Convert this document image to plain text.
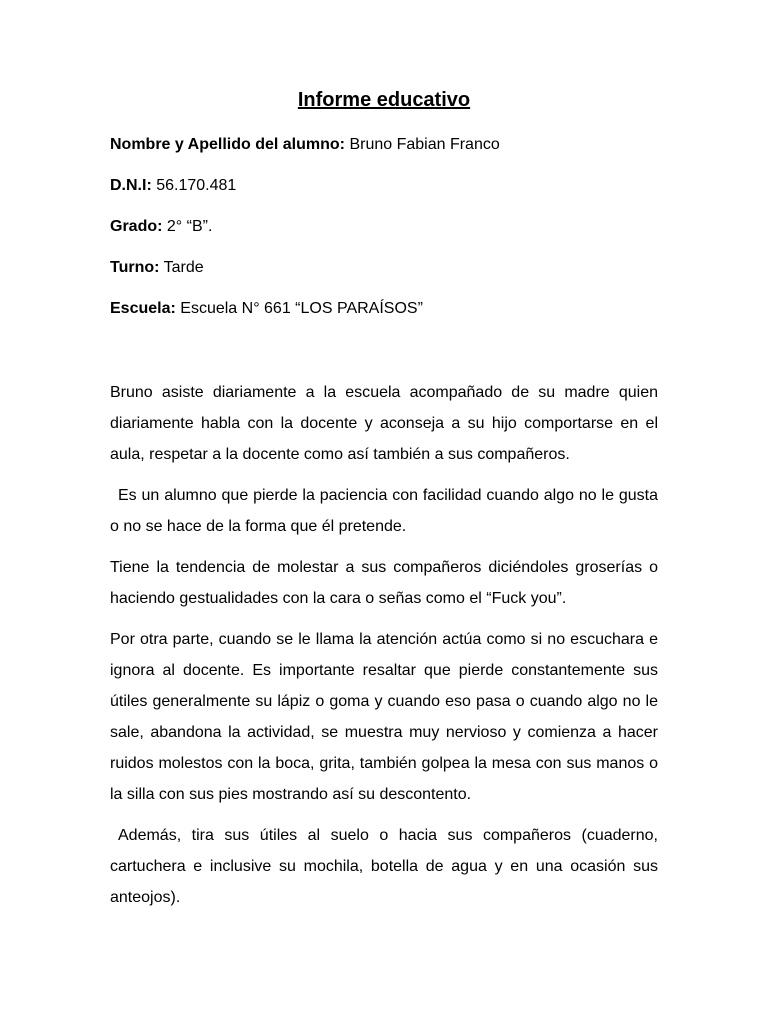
Informe educativo
Nombre y Apellido del alumno: Bruno Fabian Franco
D.N.I: 56.170.481
Grado: 2° “B”.
Turno: Tarde
Escuela: Escuela N° 661 “LOS PARAÍSOS”

Bruno asiste diariamente a la escuela acompañado de su madre quien diariamente habla con la docente y aconseja a su hijo comportarse en el aula, respetar a la docente como así también a sus compañeros.

Es un alumno que pierde la paciencia con facilidad cuando algo no le gusta o no se hace de la forma que él pretende.

Tiene la tendencia de molestar a sus compañeros diciéndoles groserías o haciendo gestualidades con la cara o señas como el “Fuck you”.

Por otra parte, cuando se le llama la atención actúa como si no escuchara e ignora al docente. Es importante resaltar que pierde constantemente sus útiles generalmente su lápiz o goma y cuando eso pasa o cuando algo no le sale, abandona la actividad, se muestra muy nervioso y comienza a hacer ruidos molestos con la boca, grita, también golpea la mesa con sus manos o la silla con sus pies mostrando así su descontento.

Además, tira sus útiles al suelo o hacia sus compañeros (cuaderno, cartuchera e inclusive su mochila, botella de agua y en una ocasión sus anteojos).
